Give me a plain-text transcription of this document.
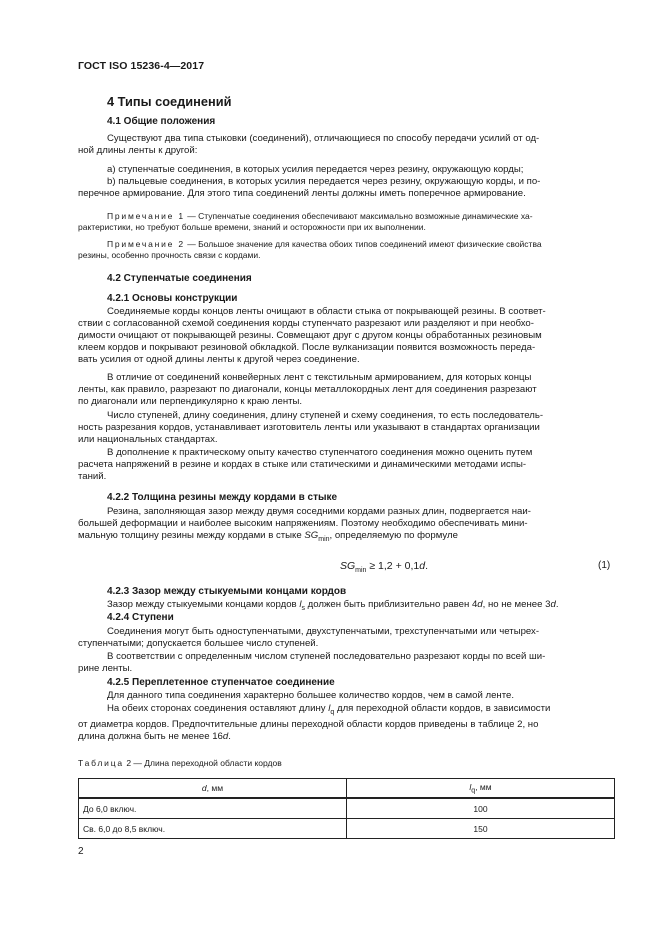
ГОСТ ISO 15236-4—2017
4 Типы соединений
4.1 Общие положения
Существуют два типа стыковки (соединений), отличающиеся по способу передачи усилий от од-
ной длины ленты к другой:
а) ступенчатые соединения, в которых усилия передается через резину, окружающую корды;
b) пальцевые соединения, в которых усилия передается через резину, окружающую корды, и по-
перечное армирование. Для этого типа соединений ленты должны иметь поперечное армирование.
Примечание 1 — Ступенчатые соединения обеспечивают максимально возможные динамические ха-
рактеристики, но требуют больше времени, знаний и осторожности при их выполнении.
Примечание 2 — Большое значение для качества обоих типов соединений имеют физические свойства
резины, особенно прочность связи с кордами.
4.2 Ступенчатые соединения
4.2.1 Основы конструкции
Соединяемые корды концов ленты очищают в области стыка от покрывающей резины. В соответ-
ствии с согласованной схемой соединения корды ступенчато разрезают или разделяют и при необхо-
димости очищают от покрывающей резины. Совмещают друг с другом концы обработанных резиновым
клеем кордов и покрывают резиновой обкладкой. После вулканизации появится возможность переда-
вать усилия от одной длины ленты к другой через соединение.
В отличие от соединений конвейерных лент с текстильным армированием, для которых концы
ленты, как правило, разрезают по диагонали, концы металлокордных лент для соединения разрезают
по диагонали или перпендикулярно к краю ленты.
Число ступеней, длину соединения, длину ступеней и схему соединения, то есть последователь-
ность разрезания кордов, устанавливает изготовитель ленты или указывают в стандартах организации
или национальных стандартах.
В дополнение к практическому опыту качество ступенчатого соединения можно оценить путем
расчета напряжений в резине и кордах в стыке или статическими и динамическими методами испы-
таний.
4.2.2 Толщина резины между кордами в стыке
Резина, заполняющая зазор между двумя соседними кордами разных длин, подвергается наи-
большей деформации и наиболее высоким напряжениям. Поэтому необходимо обеспечивать мини-
мальную толщину резины между кордами в стыке $SG_{min}$, определяемую по формуле
$SG_{min} \ge 1,2 + 0,1d$.	(1)
4.2.3 Зазор между стыкуемыми концами кордов
Зазор между стыкуемыми концами кордов $l_s$ должен быть приблизительно равен 4d, но не менее 3d.
4.2.4 Ступени
Соединения могут быть одноступенчатыми, двухступенчатыми, трехступенчатыми или четырех-
ступенчатыми; допускается большее число ступеней.
В соответствии с определенным числом ступеней последовательно разрезают корды по всей ши-
рине ленты.
4.2.5 Переплетенное ступенчатое соединение
Для данного типа соединения характерно большее количество кордов, чем в самой ленте.
На обеих сторонах соединения оставляют длину $l_q$ для переходной области кордов, в зависимости
от диаметра кордов. Предпочтительные длины переходной области кордов приведены в таблице 2, но
длина должна быть не менее 16d.
Таблица 2 — Длина переходной области кордов
d, мм	$l_q$, мм
До 6,0 включ.	100
Св. 6,0 до 8,5 включ.	150
2
